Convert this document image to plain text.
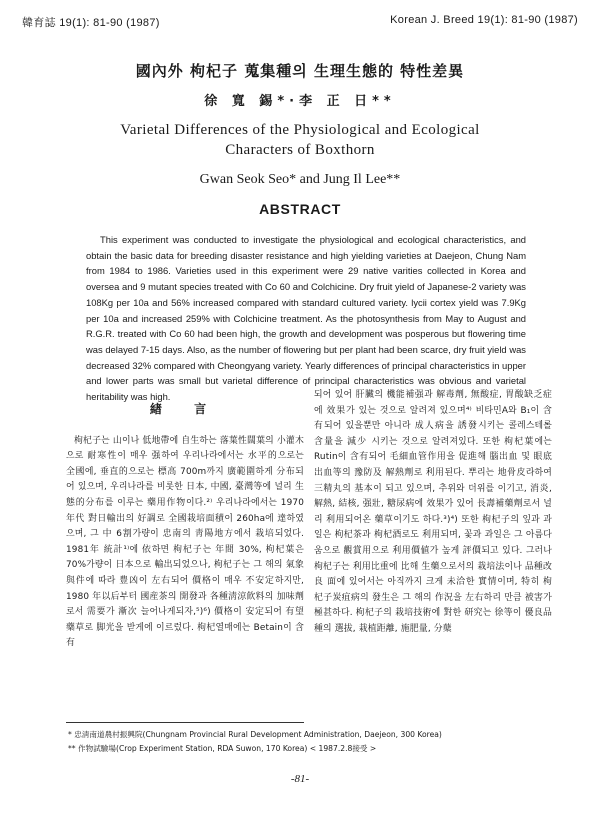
韓育誌 19(1): 81-90 (1987)	Korean J. Breed 19(1): 81-90 (1987)
國內外 枸杞子 蒐集種의 生理生態的 特性差異
徐 寬 錫*·李 正 日**
Varietal Differences of the Physiological and Ecological
Characters of Boxthorn
Gwan Seok Seo* and Jung Il Lee**
ABSTRACT

This experiment was conducted to investigate the physiological and ecological characteristics, and obtain the basic data for breeding disaster resistance and high yielding varieties at Daejeon, Chung Nam from 1984 to 1986. Varieties used in this experiment were 29 native varities collected in Korea and oversea and 9 mutant species treated with Co 60 and Colchicine. Dry fruit yield of Japanese-2 variety was 108Kg per 10a and 56% increased compared with standard cultured variety. lycii cortex yield was 7.9Kg per 10a and increased 259% with Colchicine treatment. As the photosynthesis from May to August and R.G.R. treated with Co 60 had been high, the growth and development was posperous but flowering time was delayed 7-15 days. Also, as the number of flowering but per plant had been scarce, dry fruit yield was decreased 32% compared with Cheongyang variety. Yearly differences of principal characteristics in upper and lower parts was small but varietal difference of principal characteristics was obvious and varietal heritability was high.

緖 言

枸杞子는 山이나 低地帶에 自生하는 落葉性闊葉의 小灌木으로 耐寒性이 매우 强하여 우리나라에서는 水平的으로는 全國에, 垂直的으로는 標高 700m까지 廣範圍하게 分布되어 있으며, 우리나라를 비롯한 日本, 中國, 臺灣等에 널리 生態的分布를 이루는 藥用作物이다.²⁾ 우리나라에서는 1970年代 對日輸出의 好調로 全國栽培面積이 260ha에 達하였으며, 그 中 6割가량이 忠南의 靑陽地方에서 栽培되었다. 1981年 統計¹⁾에 依하면 枸杞子는 年間 30%, 枸杞葉은 70%가량이 日本으로 輸出되었으나, 枸杞子는 그 해의 氣象與件에 따라 豊凶이 左右되어 價格이 매우 不安定하지만, 1980 年以后부터 國産茶의 開發과 各種淸涼飮料의 加味劑로서 需要가 漸次 늘어나게되자,⁵)⁶) 價格이 安定되어 有望藥草로 脚光을 받게에 이르렀다. 枸杞열매에는 Betain이 含有

되어 있어 肝臟의 機能補强과 解毒劑, 無酸症, 胃酸缺乏症에 效果가 있는 것으로 알려져 있으며⁴⁾ 비타민A와 B₁이 含有되어 있을뿐만 아니라 成人病을 誘發시키는 콜레스테롤 含量을 減少 시키는 것으로 알려져있다. 또한 枸杞葉에는 Rutin이 含有되어 毛細血管作用을 促進해 腦出血 및 眼底出血等의 豫防及 解熱劑로 利用된다. 뿌리는 地骨皮라하여 三精丸의 基本이 되고 있으며, 추위와 더위를 이기고, 消炎, 解熱, 結核, 强壯, 糖尿病에 效果가 있어 長壽補藥劑로서 널리 利用되어온 藥草이기도 하다.³)⁴) 또한 枸杞子의 잎과 과일은 枸杞茶과 枸杞酒로도 利用되며, 꽃과 과일은 그 아름다움으로 觀賞用으로 利用價値가 높게 評價되고 있다. 그러나 枸杞子는 利用比重에 比해 生藥으로서의 栽培法이나 品種改良 面에 있어서는 아직까지 크게 未洽한 實情이며, 特히 枸杞子炭疽病의 發生은 그 해의 作況을 左右하리 만큼 被害가 極甚하다. 枸杞子의 栽培技術에 對한 研究는 徐等이 優良品種의 選拔, 栽植距離, 施肥量, 分蘖

* 忠淸南道農村振興院(Chungnam Provincial Rural Development Administration, Daejeon, 300 Korea)
** 作物試驗場(Crop Experiment Station, RDA Suwon, 170 Korea) < 1987.2.8接受 >
-81-
